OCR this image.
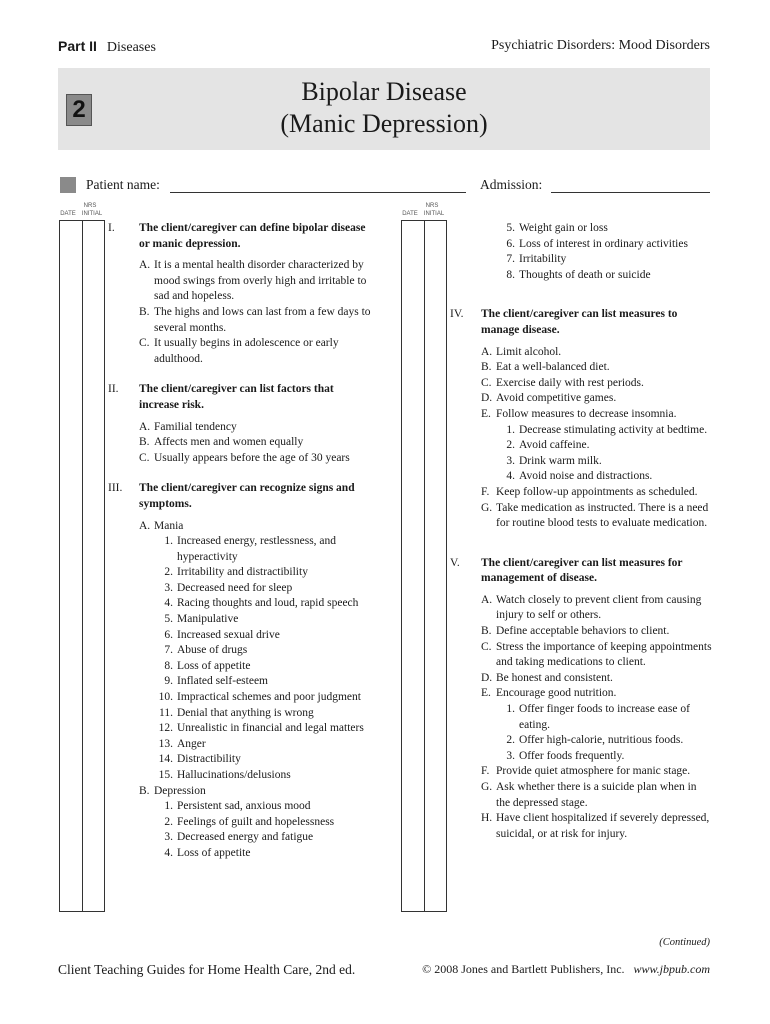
Part II Diseases	Psychiatric Disorders: Mood Disorders
2
Bipolar Disease
(Manic Depression)
Patient name:	Admission:
NRS
DATE	INITIAL
NRS
DATE	INITIAL
I. The client/caregiver can define bipolar disease or manic depression.
A. It is a mental health disorder characterized by mood swings from overly high and irritable to sad and hopeless.
B. The highs and lows can last from a few days to several months.
C. It usually begins in adolescence or early adulthood.
II. The client/caregiver can list factors that increase risk.
A. Familial tendency
B. Affects men and women equally
C. Usually appears before the age of 30 years
III. The client/caregiver can recognize signs and symptoms.
A. Mania
1. Increased energy, restlessness, and hyperactivity
2. Irritability and distractibility
3. Decreased need for sleep
4. Racing thoughts and loud, rapid speech
5. Manipulative
6. Increased sexual drive
7. Abuse of drugs
8. Loss of appetite
9. Inflated self-esteem
10. Impractical schemes and poor judgment
11. Denial that anything is wrong
12. Unrealistic in financial and legal matters
13. Anger
14. Distractibility
15. Hallucinations/delusions
B. Depression
1. Persistent sad, anxious mood
2. Feelings of guilt and hopelessness
3. Decreased energy and fatigue
4. Loss of appetite
5. Weight gain or loss
6. Loss of interest in ordinary activities
7. Irritability
8. Thoughts of death or suicide
IV. The client/caregiver can list measures to manage disease.
A. Limit alcohol.
B. Eat a well-balanced diet.
C. Exercise daily with rest periods.
D. Avoid competitive games.
E. Follow measures to decrease insomnia.
1. Decrease stimulating activity at bedtime.
2. Avoid caffeine.
3. Drink warm milk.
4. Avoid noise and distractions.
F. Keep follow-up appointments as scheduled.
G. Take medication as instructed. There is a need for routine blood tests to evaluate medication.
V. The client/caregiver can list measures for management of disease.
A. Watch closely to prevent client from causing injury to self or others.
B. Define acceptable behaviors to client.
C. Stress the importance of keeping appointments and taking medications to client.
D. Be honest and consistent.
E. Encourage good nutrition.
1. Offer finger foods to increase ease of eating.
2. Offer high-calorie, nutritious foods.
3. Offer foods frequently.
F. Provide quiet atmosphere for manic stage.
G. Ask whether there is a suicide plan when in the depressed stage.
H. Have client hospitalized if severely depressed, suicidal, or at risk for injury.
(Continued)
Client Teaching Guides for Home Health Care, 2nd ed.	© 2008 Jones and Bartlett Publishers, Inc. www.jbpub.com
